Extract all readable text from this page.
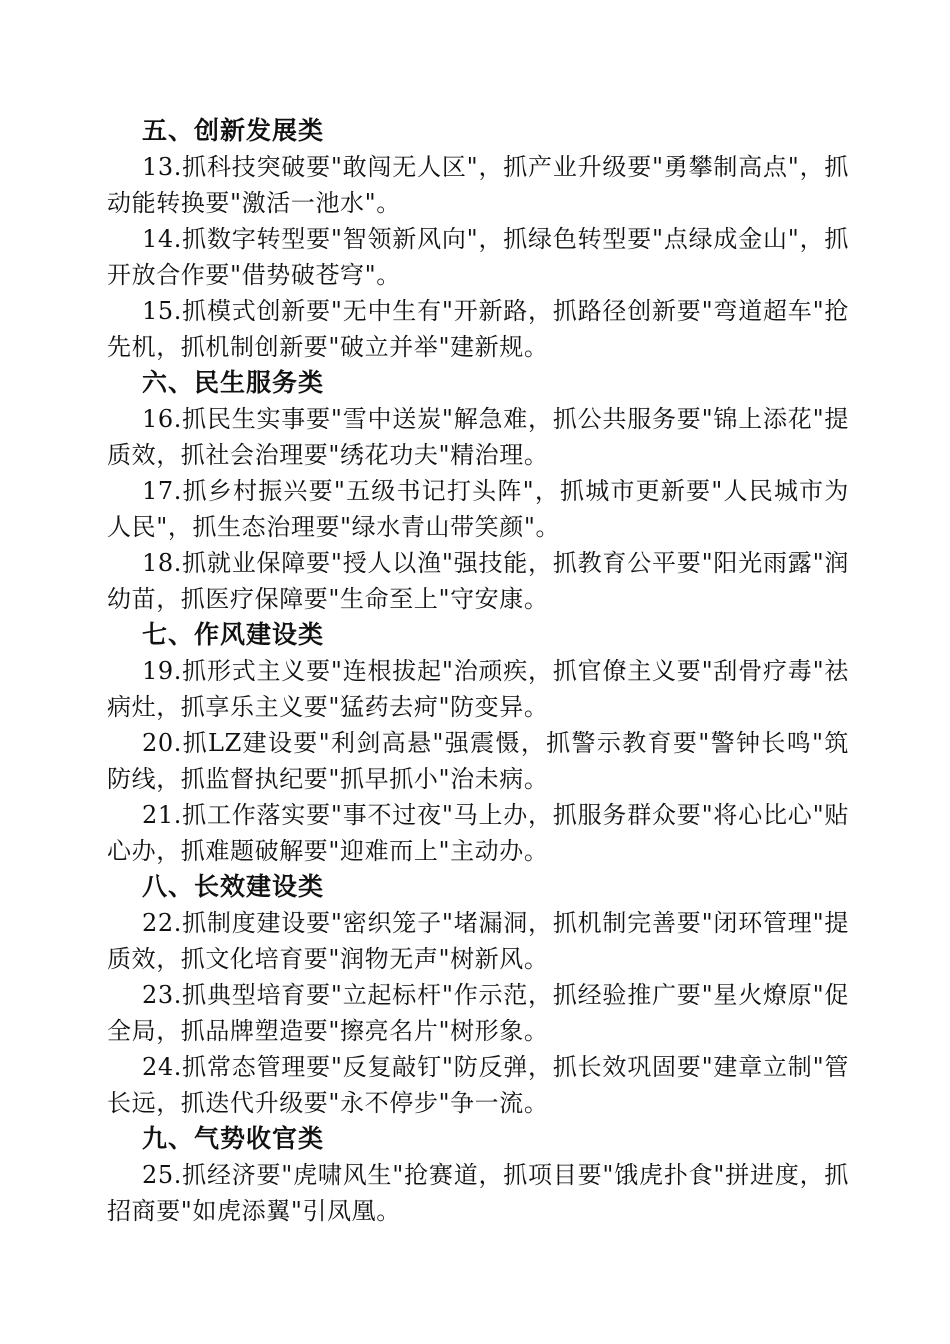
五、创新发展类

13.抓科技突破要"敢闯无人区"，抓产业升级要"勇攀制高点"，抓动能转换要"激活一池水"。

14.抓数字转型要"智领新风向"，抓绿色转型要"点绿成金山"，抓开放合作要"借势破苍穹"。

15.抓模式创新要"无中生有"开新路，抓路径创新要"弯道超车"抢先机，抓机制创新要"破立并举"建新规。

六、民生服务类

16.抓民生实事要"雪中送炭"解急难，抓公共服务要"锦上添花"提质效，抓社会治理要"绣花功夫"精治理。

17.抓乡村振兴要"五级书记打头阵"，抓城市更新要"人民城市为人民"，抓生态治理要"绿水青山带笑颜"。

18.抓就业保障要"授人以渔"强技能，抓教育公平要"阳光雨露"润幼苗，抓医疗保障要"生命至上"守安康。

七、作风建设类

19.抓形式主义要"连根拔起"治顽疾，抓官僚主义要"刮骨疗毒"祛病灶，抓享乐主义要"猛药去疴"防变异。

20.抓LZ建设要"利剑高悬"强震慑，抓警示教育要"警钟长鸣"筑防线，抓监督执纪要"抓早抓小"治未病。

21.抓工作落实要"事不过夜"马上办，抓服务群众要"将心比心"贴心办，抓难题破解要"迎难而上"主动办。

八、长效建设类

22.抓制度建设要"密织笼子"堵漏洞，抓机制完善要"闭环管理"提质效，抓文化培育要"润物无声"树新风。

23.抓典型培育要"立起标杆"作示范，抓经验推广要"星火燎原"促全局，抓品牌塑造要"擦亮名片"树形象。

24.抓常态管理要"反复敲钉"防反弹，抓长效巩固要"建章立制"管长远，抓迭代升级要"永不停步"争一流。

九、气势收官类

25.抓经济要"虎啸风生"抢赛道，抓项目要"饿虎扑食"拼进度，抓招商要"如虎添翼"引凤凰。
